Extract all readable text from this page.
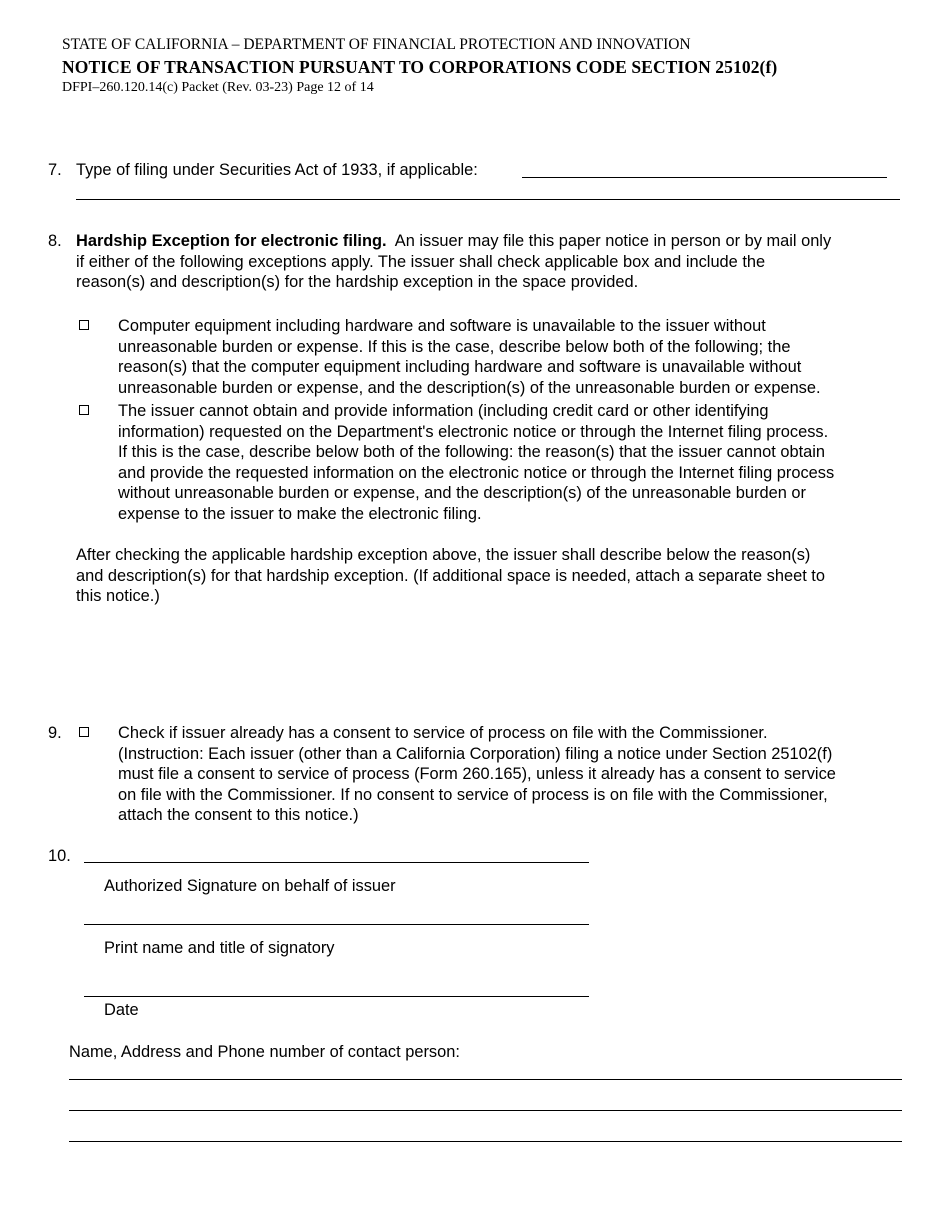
STATE OF CALIFORNIA – DEPARTMENT OF FINANCIAL PROTECTION AND INNOVATION
NOTICE OF TRANSACTION PURSUANT TO CORPORATIONS CODE SECTION 25102(f)
DFPI–260.120.14(c) Packet (Rev. 03-23) Page 12 of 14
7. Type of filing under Securities Act of 1933, if applicable:
8. Hardship Exception for electronic filing.  An issuer may file this paper notice in person or by mail only
if either of the following exceptions apply. The issuer shall check applicable box and include the
reason(s) and description(s) for the hardship exception in the space provided.
Computer equipment including hardware and software is unavailable to the issuer without
unreasonable burden or expense. If this is the case, describe below both of the following; the
reason(s) that the computer equipment including hardware and software is unavailable without
unreasonable burden or expense, and the description(s) of the unreasonable burden or expense.
The issuer cannot obtain and provide information (including credit card or other identifying
information) requested on the Department's electronic notice or through the Internet filing process.
If this is the case, describe below both of the following: the reason(s) that the issuer cannot obtain
and provide the requested information on the electronic notice or through the Internet filing process
without unreasonable burden or expense, and the description(s) of the unreasonable burden or
expense to the issuer to make the electronic filing.
After checking the applicable hardship exception above, the issuer shall describe below the reason(s)
and description(s) for that hardship exception. (If additional space is needed, attach a separate sheet to
this notice.)
9.	Check if issuer already has a consent to service of process on file with the Commissioner.
(Instruction: Each issuer (other than a California Corporation) filing a notice under Section 25102(f)
must file a consent to service of process (Form 260.165), unless it already has a consent to service
on file with the Commissioner. If no consent to service of process is on file with the Commissioner,
attach the consent to this notice.)
10.
Authorized Signature on behalf of issuer
Print name and title of signatory
Date
Name, Address and Phone number of contact person:
